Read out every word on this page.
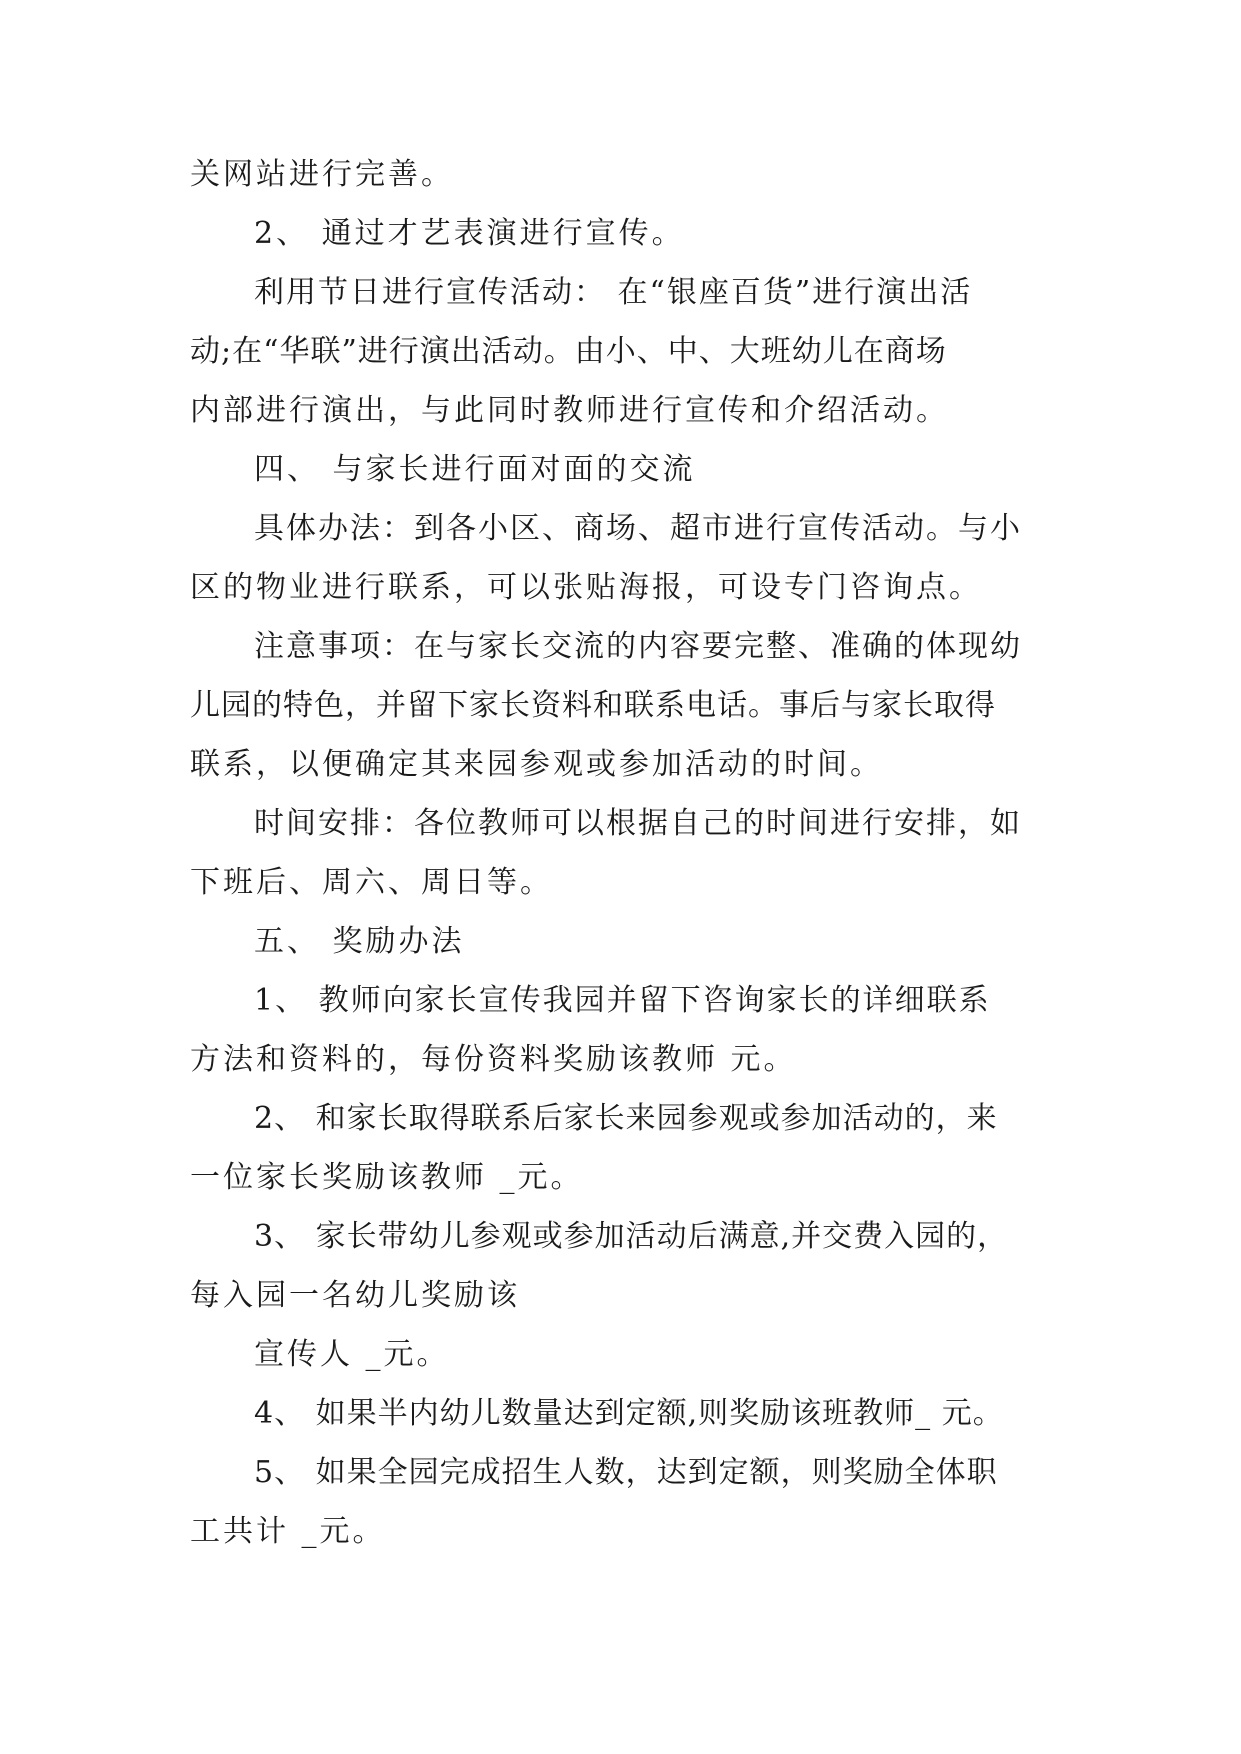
关网站进行完善。
2、 通过才艺表演进行宣传。
利用节日进行宣传活动： 在“银座百货”进行演出活
动;在“华联”进行演出活动。由小、中、大班幼儿在商场
内部进行演出，与此同时教师进行宣传和介绍活动。
四、 与家长进行面对面的交流
具体办法：到各小区、商场、超市进行宣传活动。与小
区的物业进行联系，可以张贴海报，可设专门咨询点。
注意事项：在与家长交流的内容要完整、准确的体现幼
儿园的特色，并留下家长资料和联系电话。事后与家长取得
联系，以便确定其来园参观或参加活动的时间。
时间安排：各位教师可以根据自己的时间进行安排，如
下班后、周六、周日等。
五、 奖励办法
1、 教师向家长宣传我园并留下咨询家长的详细联系
方法和资料的，每份资料奖励该教师 元。
2、 和家长取得联系后家长来园参观或参加活动的，来
一位家长奖励该教师 _元。
3、 家长带幼儿参观或参加活动后满意,并交费入园的，
每入园一名幼儿奖励该
宣传人 _元。
4、 如果半内幼儿数量达到定额,则奖励该班教师_ 元。
5、 如果全园完成招生人数，达到定额，则奖励全体职
工共计 _元。
